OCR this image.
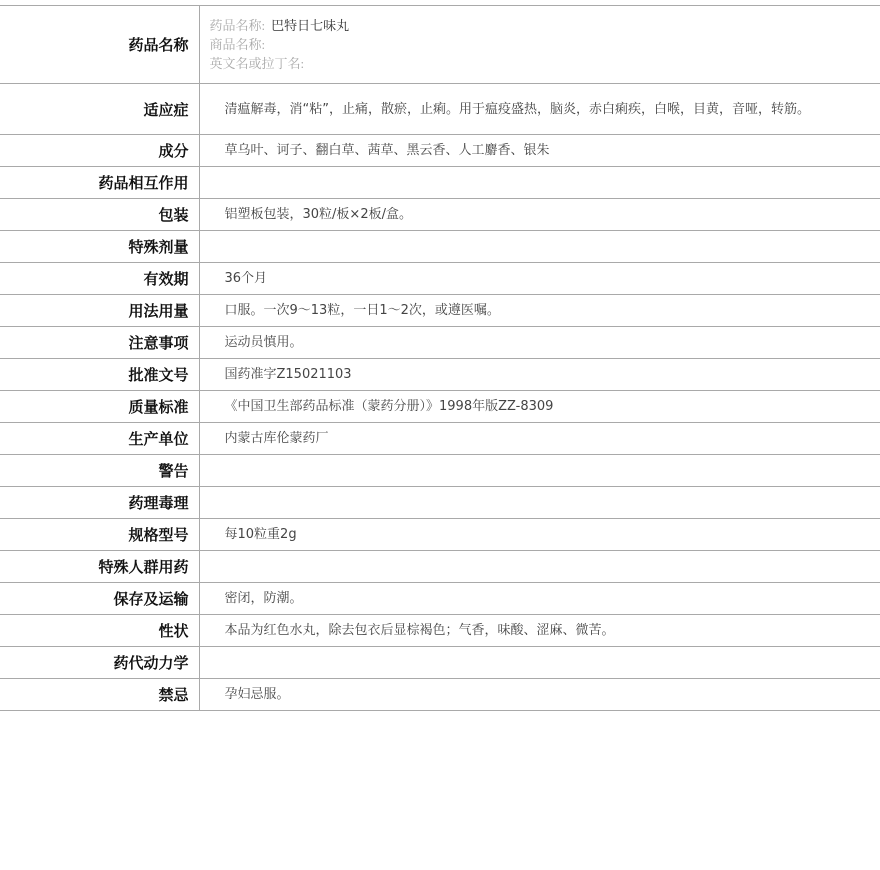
药品名称	药品名称: 巴特日七味丸
商品名称:
英文名或拉丁名:

适应症	清瘟解毒，消“粘”，止痛，散瘀，止痢。用于瘟疫盛热，脑炎，赤白痢疾，白喉，目黄，音哑，转筋。
成分	草乌叶、诃子、翻白草、茜草、黑云香、人工麝香、银朱
药品相互作用	
包装	铝塑板包装，30粒/板×2板/盒。
特殊剂量	
有效期	36个月
用法用量	口服。一次9～13粒，一日1～2次，或遵医嘱。
注意事项	运动员慎用。
批准文号	国药准字Z15021103
质量标准	《中国卫生部药品标准（蒙药分册）》1998年版ZZ-8309
生产单位	内蒙古库伦蒙药厂
警告	
药理毒理	
规格型号	每10粒重2g
特殊人群用药	
保存及运输	密闭，防潮。
性状	本品为红色水丸，除去包衣后显棕褐色；气香，味酸、涩麻、微苦。
药代动力学	
禁忌	孕妇忌服。
